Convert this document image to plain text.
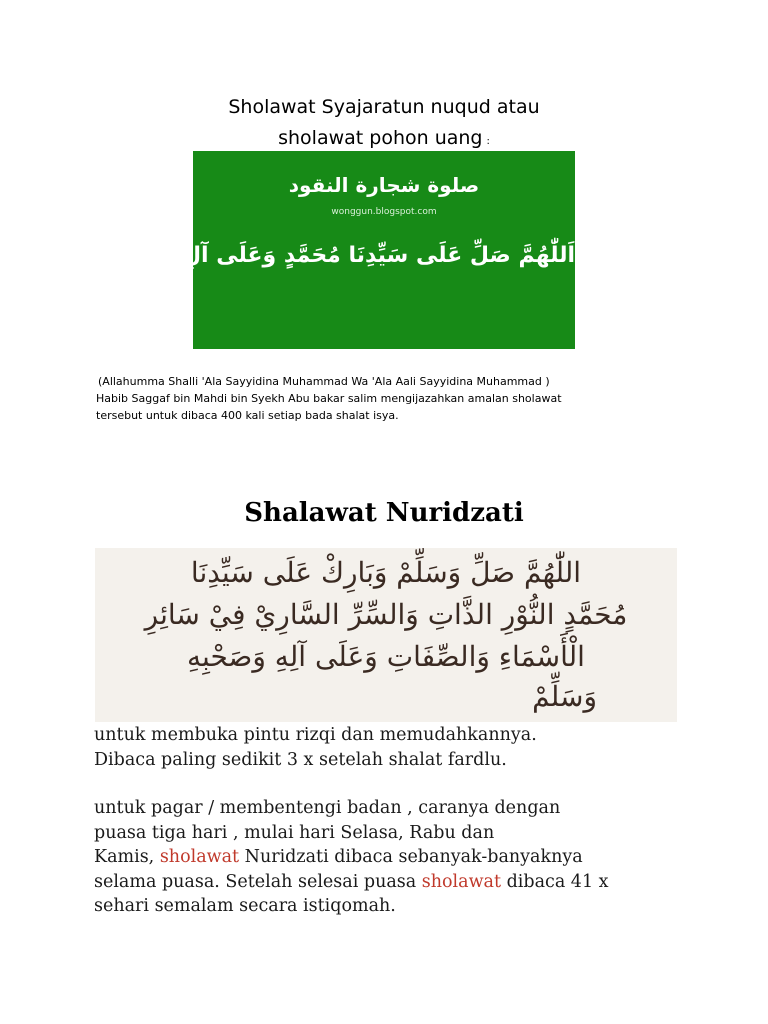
Sholawat Syajaratun nuqud atau
sholawat pohon uang :
صلوة شجارة النقود
wonggun.blogspot.com
اَللّٰهُمَّ صَلِّ عَلَى سَيِّدِنَا مُحَمَّدٍ وَعَلَى آلِ سَيِّدِنَا مُحَمَّدٍ

(Allahumma Shalli 'Ala Sayyidina Muhammad Wa 'Ala Aali Sayyidina Muhammad )

Habib Saggaf bin Mahdi bin Syekh Abu bakar salim mengijazahkan amalan sholawat

tersebut untuk dibaca 400 kali setiap bada shalat isya.

Shalawat Nuridzati
اللّٰهُمَّ صَلِّ وَسَلِّمْ وَبَارِكْ عَلَى سَيِّدِنَا
مُحَمَّدٍ النُّوْرِ الذَّاتِ وَالسِّرِّ السَّارِيْ فِيْ سَائِرِ
الْأَسْمَاءِ وَالصِّفَاتِ وَعَلَى آلِهِ وَصَحْبِهِ
وَسَلِّمْ

untuk membuka pintu rizqi dan memudahkannya.

Dibaca paling sedikit 3 x setelah shalat fardlu.

untuk pagar / membentengi badan , caranya dengan

puasa tiga hari , mulai hari Selasa, Rabu dan

Kamis, sholawat Nuridzati dibaca sebanyak-banyaknya

selama puasa. Setelah selesai puasa sholawat dibaca 41 x

sehari semalam secara istiqomah.
